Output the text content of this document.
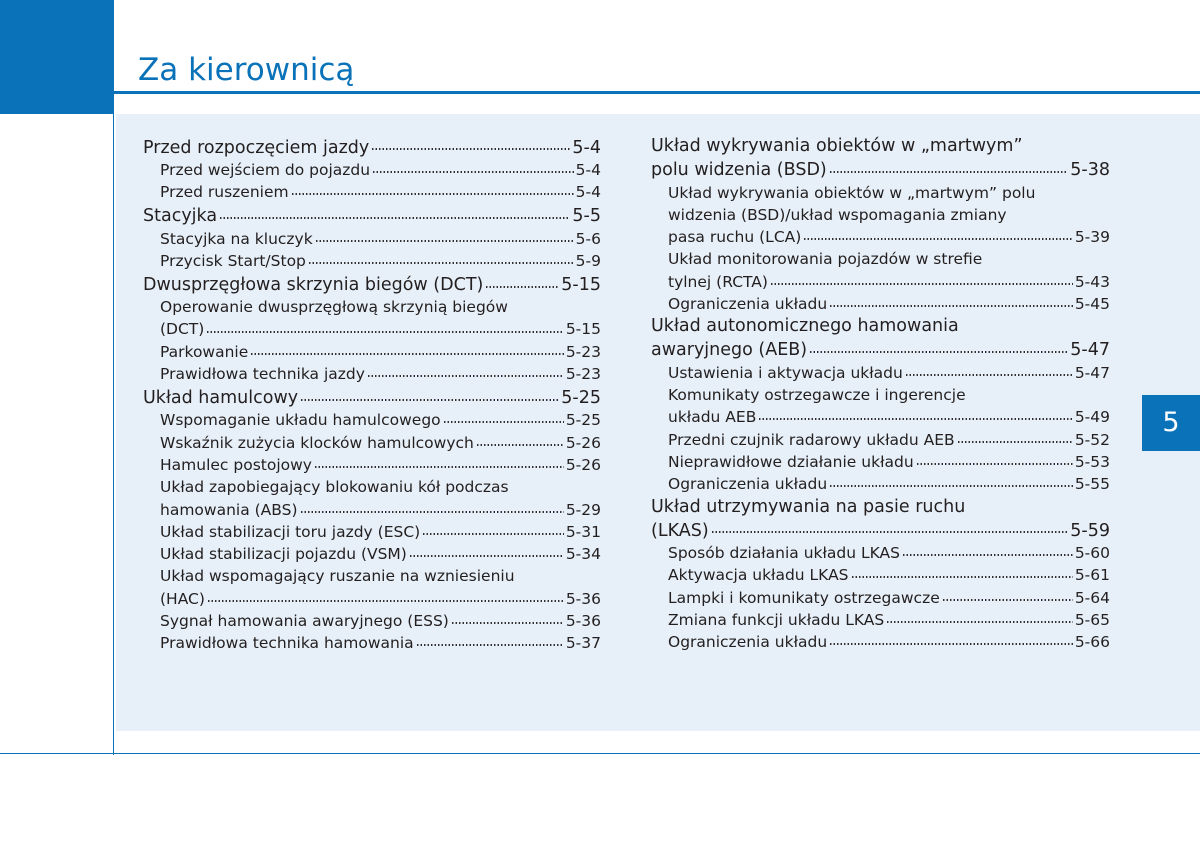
Za kierownicą
5
Przed rozpoczęciem jazdy	5-4
Przed wejściem do pojazdu	5-4
Przed ruszeniem	5-4
Stacyjka	5-5
Stacyjka na kluczyk	5-6
Przycisk Start/Stop	5-9
Dwusprzęgłowa skrzynia biegów (DCT)	5-15
Operowanie dwusprzęgłową skrzynią biegów
(DCT)	5-15
Parkowanie	5-23
Prawidłowa technika jazdy	5-23
Układ hamulcowy	5-25
Wspomaganie układu hamulcowego	5-25
Wskaźnik zużycia klocków hamulcowych	5-26
Hamulec postojowy	5-26
Układ zapobiegający blokowaniu kół podczas
hamowania (ABS)	5-29
Układ stabilizacji toru jazdy (ESC)	5-31
Układ stabilizacji pojazdu (VSM)	5-34
Układ wspomagający ruszanie na wzniesieniu
(HAC)	5-36
Sygnał hamowania awaryjnego (ESS)	5-36
Prawidłowa technika hamowania	5-37
Układ wykrywania obiektów w „martwym”
polu widzenia (BSD)	5-38
Układ wykrywania obiektów w „martwym” polu
widzenia (BSD)/układ wspomagania zmiany
pasa ruchu (LCA)	5-39
Układ monitorowania pojazdów w strefie
tylnej (RCTA)	5-43
Ograniczenia układu	5-45
Układ autonomicznego hamowania
awaryjnego (AEB)	5-47
Ustawienia i aktywacja układu	5-47
Komunikaty ostrzegawcze i ingerencje
układu AEB	5-49
Przedni czujnik radarowy układu AEB	5-52
Nieprawidłowe działanie układu	5-53
Ograniczenia układu	5-55
Układ utrzymywania na pasie ruchu
(LKAS)	5-59
Sposób działania układu LKAS	5-60
Aktywacja układu LKAS	5-61
Lampki i komunikaty ostrzegawcze	5-64
Zmiana funkcji układu LKAS	5-65
Ograniczenia układu	5-66
